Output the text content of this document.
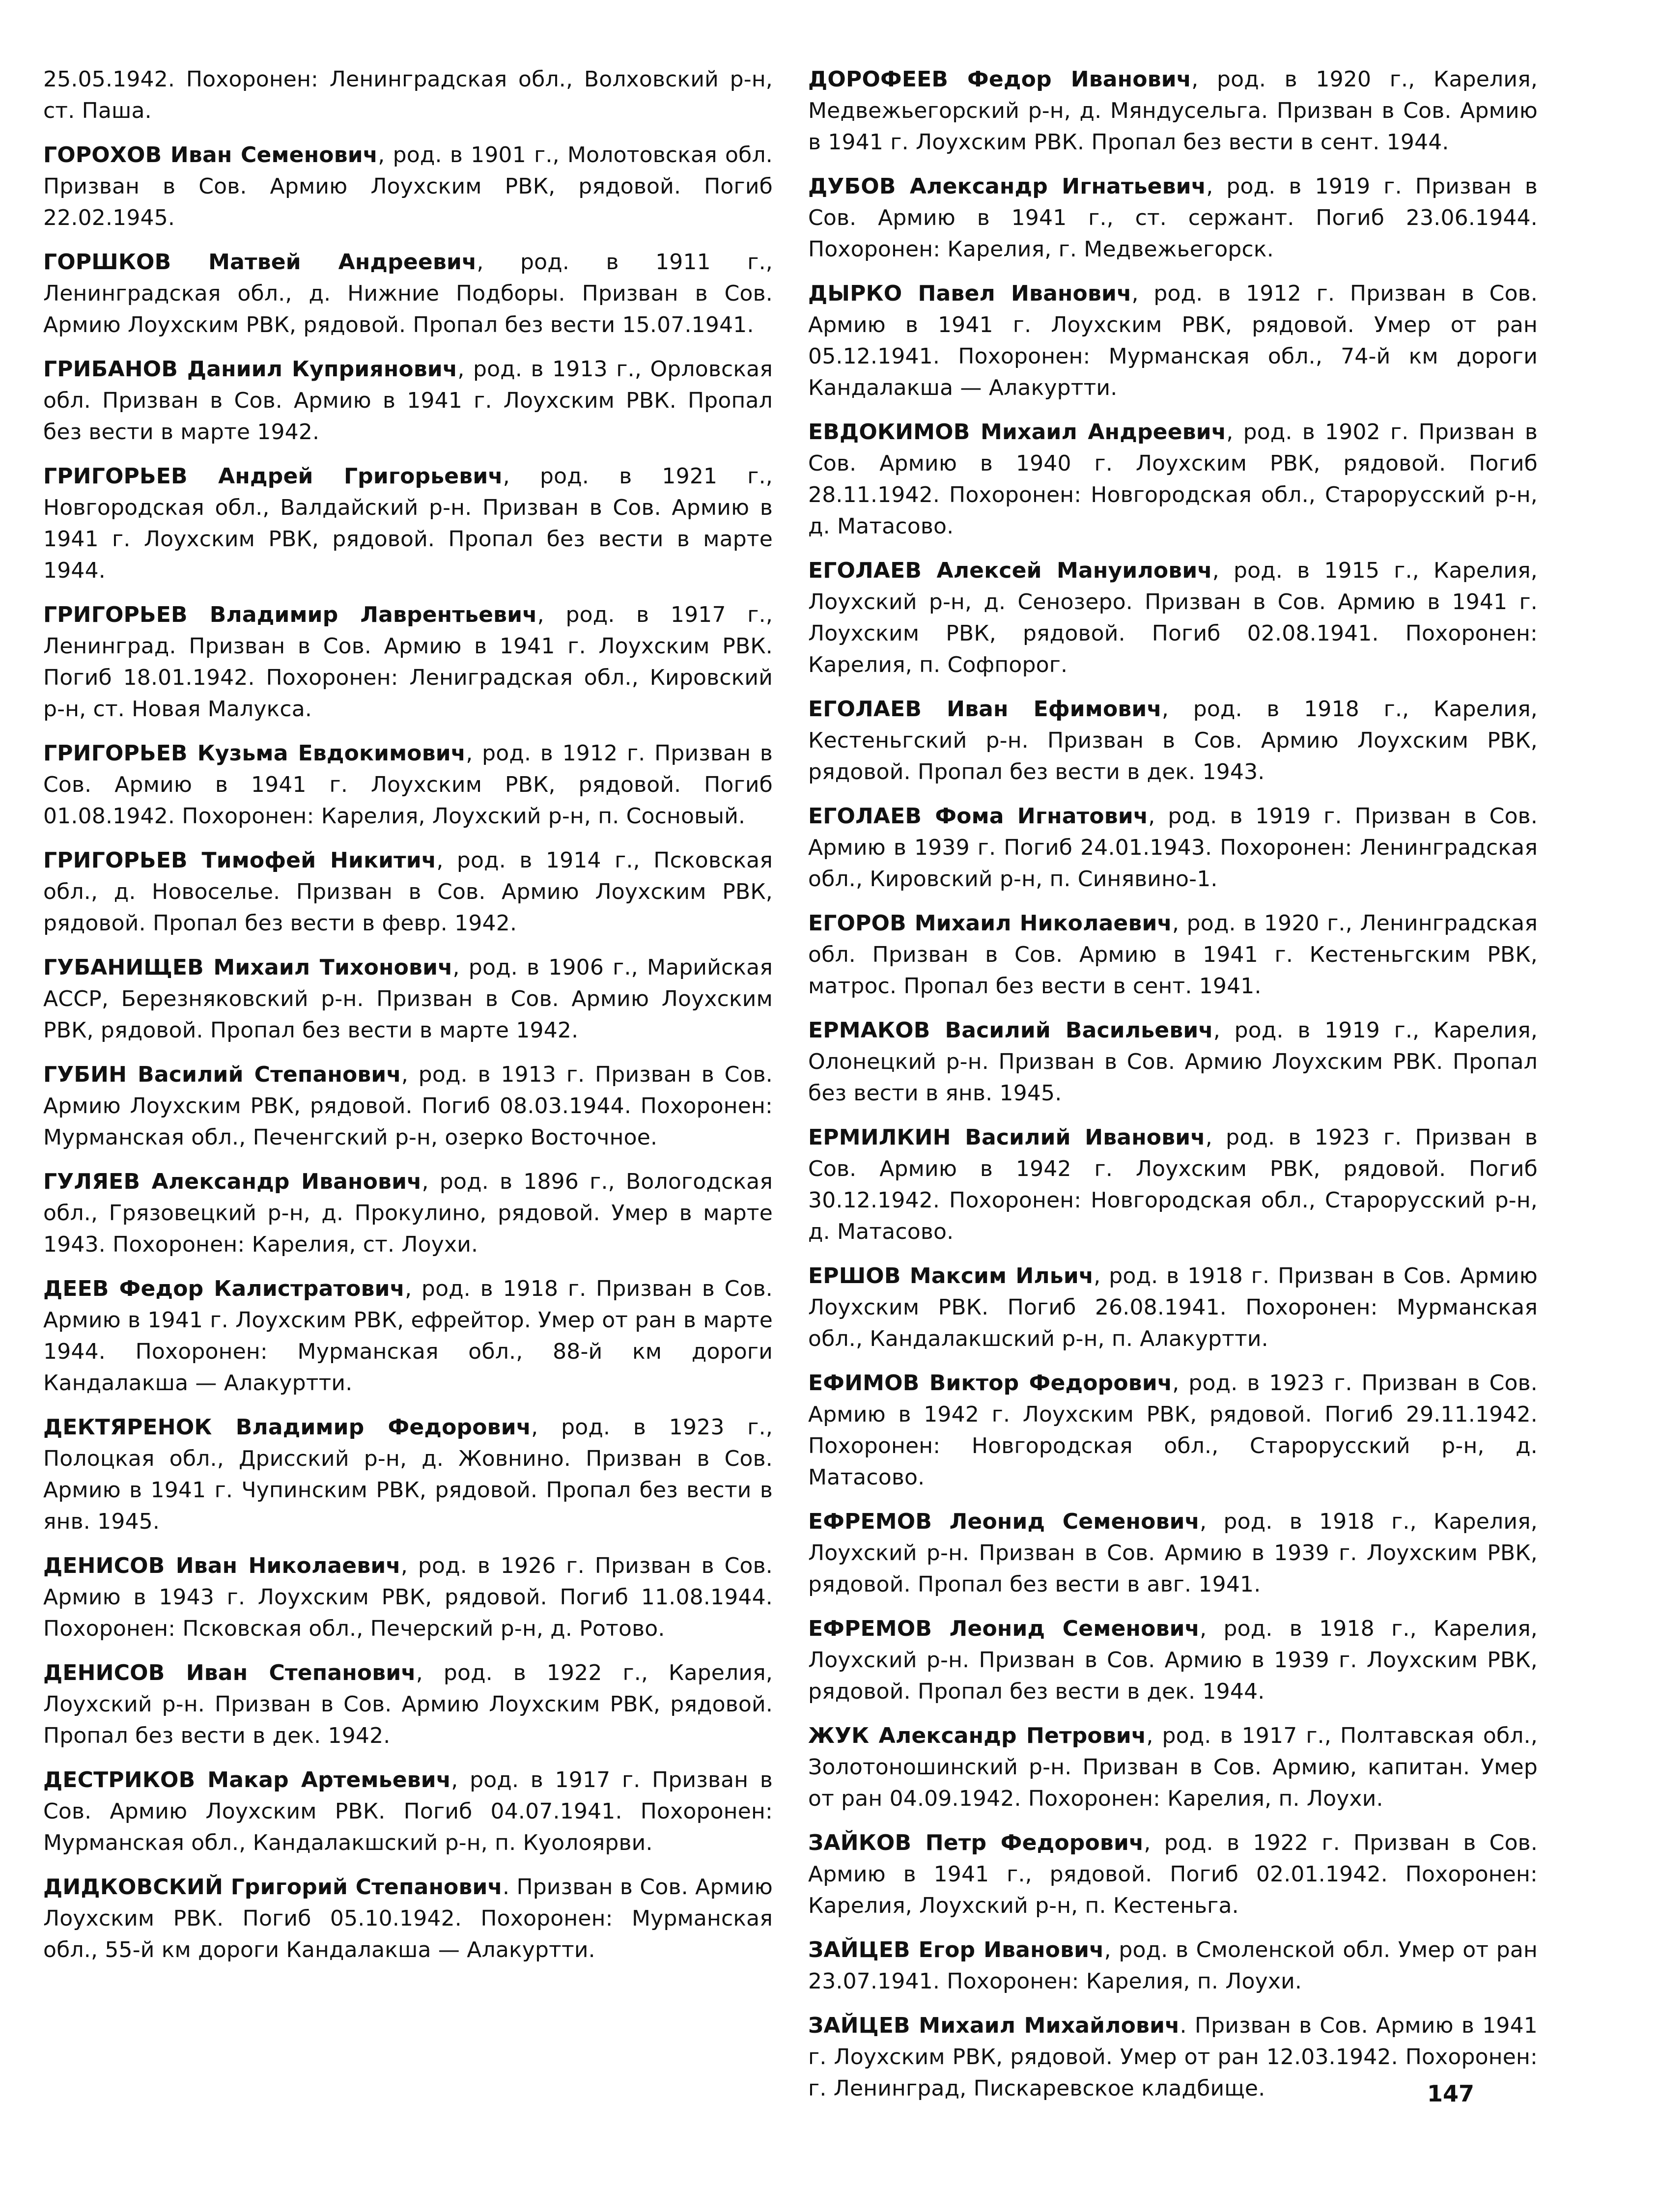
25.05.1942. Похоронен: Ленинградская обл., Волховский р-н, ст. Паша.

ГОРОХОВ Иван Семенович, род. в 1901 г., Молотовская обл. Призван в Сов. Армию Лоухским РВК, рядовой. Погиб 22.02.1945.

ГОРШКОВ Матвей Андреевич, род. в 1911 г., Ленинградская обл., д. Нижние Подборы. Призван в Сов. Армию Лоухским РВК, рядовой. Пропал без вести 15.07.1941.

ГРИБАНОВ Даниил Куприянович, род. в 1913 г., Орловская обл. Призван в Сов. Армию в 1941 г. Лоухским РВК. Пропал без вести в марте 1942.

ГРИГОРЬЕВ Андрей Григорьевич, род. в 1921 г., Новгородская обл., Валдайский р-н. Призван в Сов. Армию в 1941 г. Лоухским РВК, рядовой. Пропал без вести в марте 1944.

ГРИГОРЬЕВ Владимир Лаврентьевич, род. в 1917 г., Ленинград. Призван в Сов. Армию в 1941 г. Лоухским РВК. Погиб 18.01.1942. Похоронен: Лениградская обл., Кировский р-н, ст. Новая Малукса.

ГРИГОРЬЕВ Кузьма Евдокимович, род. в 1912 г. Призван в Сов. Армию в 1941 г. Лоухским РВК, рядовой. Погиб 01.08.1942. Похоронен: Карелия, Лоухский р-н, п. Сосновый.

ГРИГОРЬЕВ Тимофей Никитич, род. в 1914 г., Псковская обл., д. Новоселье. Призван в Сов. Армию Лоухским РВК, рядовой. Пропал без вести в февр. 1942.

ГУБАНИЩЕВ Михаил Тихонович, род. в 1906 г., Марийская АССР, Березняковский р-н. Призван в Сов. Армию Лоухским РВК, рядовой. Пропал без вести в марте 1942.

ГУБИН Василий Степанович, род. в 1913 г. Призван в Сов. Армию Лоухским РВК, рядовой. Погиб 08.03.1944. Похоронен: Мурманская обл., Печенгский р-н, озерко Восточное.

ГУЛЯЕВ Александр Иванович, род. в 1896 г., Вологодская обл., Грязовецкий р-н, д. Прокулино, рядовой. Умер в марте 1943. Похоронен: Карелия, ст. Лоухи.

ДЕЕВ Федор Калистратович, род. в 1918 г. Призван в Сов. Армию в 1941 г. Лоухским РВК, ефрейтор. Умер от ран в марте 1944. Похоронен: Мурманская обл., 88-й км дороги Кандалакша — Алакуртти.

ДЕКТЯРЕНОК Владимир Федорович, род. в 1923 г., Полоцкая обл., Дрисский р-н, д. Жовнино. Призван в Сов. Армию в 1941 г. Чупинским РВК, рядовой. Пропал без вести в янв. 1945.

ДЕНИСОВ Иван Николаевич, род. в 1926 г. Призван в Сов. Армию в 1943 г. Лоухским РВК, рядовой. Погиб 11.08.1944. Похоронен: Псковская обл., Печерский р-н, д. Ротово.

ДЕНИСОВ Иван Степанович, род. в 1922 г., Карелия, Лоухский р-н. Призван в Сов. Армию Лоухским РВК, рядовой. Пропал без вести в дек. 1942.

ДЕСТРИКОВ Макар Артемьевич, род. в 1917 г. Призван в Сов. Армию Лоухским РВК. Погиб 04.07.1941. Похоронен: Мурманская обл., Кандалакшский р-н, п. Куолоярви.

ДИДКОВСКИЙ Григорий Степанович. Призван в Сов. Армию Лоухским РВК. Погиб 05.10.1942. Похоронен: Мурманская обл., 55-й км дороги Кандалакша — Алакуртти.

ДОРОФЕЕВ Федор Иванович, род. в 1920 г., Карелия, Медвежьегорский р-н, д. Мяндусельга. Призван в Сов. Армию в 1941 г. Лоухским РВК. Пропал без вести в сент. 1944.

ДУБОВ Александр Игнатьевич, род. в 1919 г. Призван в Сов. Армию в 1941 г., ст. сержант. Погиб 23.06.1944. Похоронен: Карелия, г. Медвежьегорск.

ДЫРКО Павел Иванович, род. в 1912 г. Призван в Сов. Армию в 1941 г. Лоухским РВК, рядовой. Умер от ран 05.12.1941. Похоронен: Мурманская обл., 74-й км дороги Кандалакша — Алакуртти.

ЕВДОКИМОВ Михаил Андреевич, род. в 1902 г. Призван в Сов. Армию в 1940 г. Лоухским РВК, рядовой. Погиб 28.11.1942. Похоронен: Новгородская обл., Старорусский р-н, д. Матасово.

ЕГОЛАЕВ Алексей Мануилович, род. в 1915 г., Карелия, Лоухский р-н, д. Сенозеро. Призван в Сов. Армию в 1941 г. Лоухским РВК, рядовой. Погиб 02.08.1941. Похоронен: Карелия, п. Софпорог.

ЕГОЛАЕВ Иван Ефимович, род. в 1918 г., Карелия, Кестеньгский р-н. Призван в Сов. Армию Лоухским РВК, рядовой. Пропал без вести в дек. 1943.

ЕГОЛАЕВ Фома Игнатович, род. в 1919 г. Призван в Сов. Армию в 1939 г. Погиб 24.01.1943. Похоронен: Ленинградская обл., Кировский р-н, п. Синявино-1.

ЕГОРОВ Михаил Николаевич, род. в 1920 г., Ленинградская обл. Призван в Сов. Армию в 1941 г. Кестеньгским РВК, матрос. Пропал без вести в сент. 1941.

ЕРМАКОВ Василий Васильевич, род. в 1919 г., Карелия, Олонецкий р-н. Призван в Сов. Армию Лоухским РВК. Пропал без вести в янв. 1945.

ЕРМИЛКИН Василий Иванович, род. в 1923 г. Призван в Сов. Армию в 1942 г. Лоухским РВК, рядовой. Погиб 30.12.1942. Похоронен: Новгородская обл., Старорусский р-н, д. Матасово.

ЕРШОВ Максим Ильич, род. в 1918 г. Призван в Сов. Армию Лоухским РВК. Погиб 26.08.1941. Похоронен: Мурманская обл., Кандалакшский р-н, п. Алакуртти.

ЕФИМОВ Виктор Федорович, род. в 1923 г. Призван в Сов. Армию в 1942 г. Лоухским РВК, рядовой. Погиб 29.11.1942. Похоронен: Новгородская обл., Старорусский р-н, д. Матасово.

ЕФРЕМОВ Леонид Семенович, род. в 1918 г., Карелия, Лоухский р-н. Призван в Сов. Армию в 1939 г. Лоухским РВК, рядовой. Пропал без вести в авг. 1941.

ЕФРЕМОВ Леонид Семенович, род. в 1918 г., Карелия, Лоухский р-н. Призван в Сов. Армию в 1939 г. Лоухским РВК, рядовой. Пропал без вести в дек. 1944.

ЖУК Александр Петрович, род. в 1917 г., Полтавская обл., Золотоношинский р-н. Призван в Сов. Армию, капитан. Умер от ран 04.09.1942. Похоронен: Карелия, п. Лоухи.

ЗАЙКОВ Петр Федорович, род. в 1922 г. Призван в Сов. Армию в 1941 г., рядовой. Погиб 02.01.1942. Похоронен: Карелия, Лоухский р-н, п. Кестеньга.

ЗАЙЦЕВ Егор Иванович, род. в Смоленской обл. Умер от ран 23.07.1941. Похоронен: Карелия, п. Лоухи.

ЗАЙЦЕВ Михаил Михайлович. Призван в Сов. Армию в 1941 г. Лоухским РВК, рядовой. Умер от ран 12.03.1942. Похоронен: г. Ленинград, Пискаревское кладбище.	147
